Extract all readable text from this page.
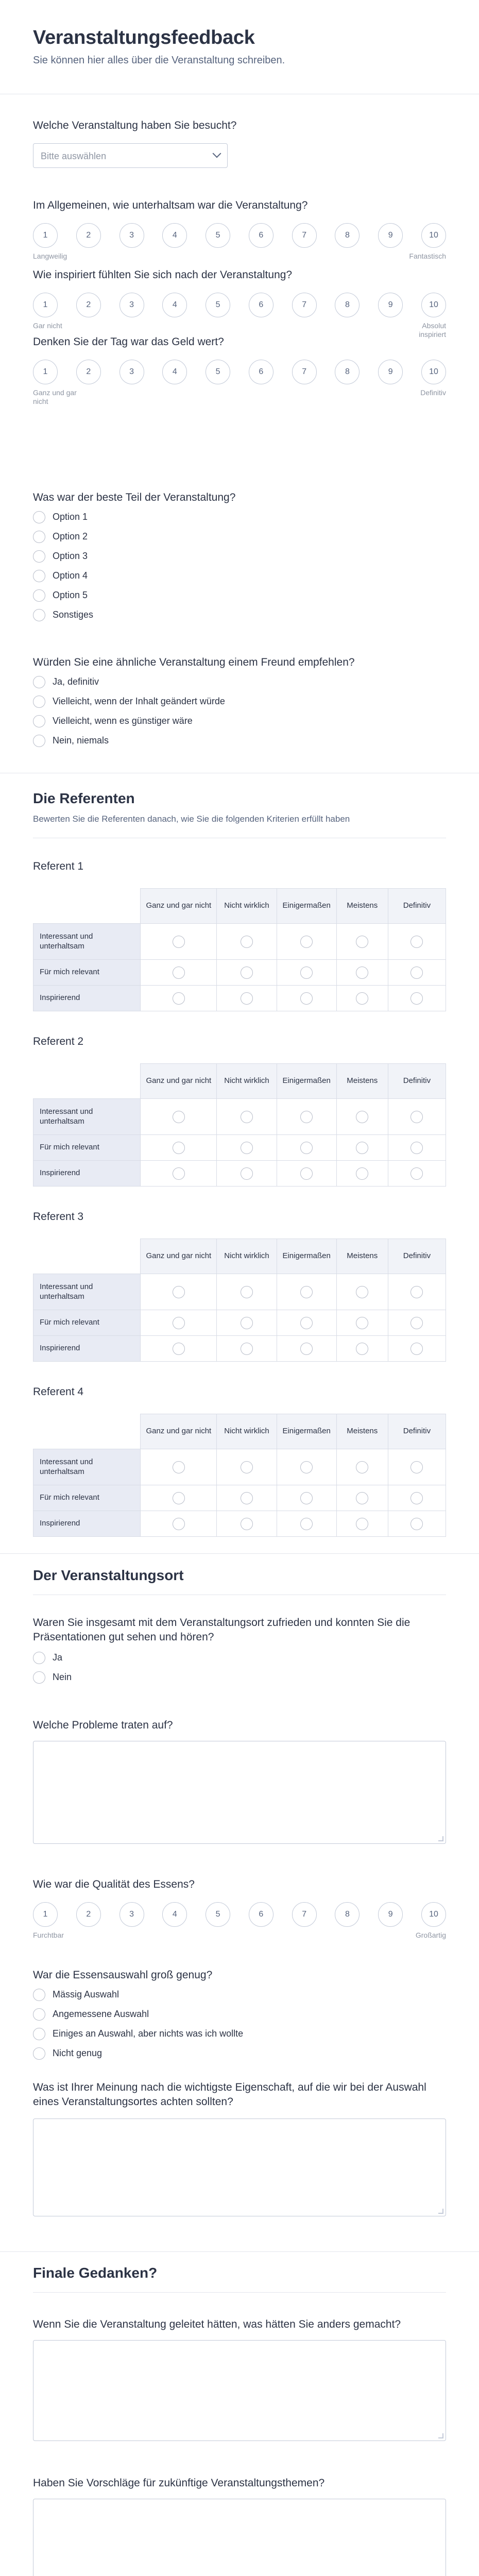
Veranstaltungsfeedback
Sie können hier alles über die Veranstaltung schreiben.
Welche Veranstaltung haben Sie besucht?
Bitte auswählen
Im Allgemeinen, wie unterhaltsam war die Veranstaltung?
1	2	3	4	5	6	7	8	9	10
Langweilig	Fantastisch
Wie inspiriert fühlten Sie sich nach der Veranstaltung?
1	2	3	4	5	6	7	8	9	10
Gar nicht	Absolut
inspiriert
Denken Sie der Tag war das Geld wert?
1	2	3	4	5	6	7	8	9	10
Ganz und gar
nicht
Definitiv
Was war der beste Teil der Veranstaltung?
Option 1
Option 2
Option 3
Option 4
Option 5
Sonstiges
Würden Sie eine ähnliche Veranstaltung einem Freund empfehlen?
Ja, definitiv
Vielleicht, wenn der Inhalt geändert würde
Vielleicht, wenn es günstiger wäre
Nein, niemals
Die Referenten
Bewerten Sie die Referenten danach, wie Sie die folgenden Kriterien erfüllt haben
Referent 1
	Ganz und gar nicht	Nicht wirklich	Einigermaßen	Meistens	Definitiv
Interessant und unterhaltsam					
Für mich relevant					
Inspirierend					
Referent 2
	Ganz und gar nicht	Nicht wirklich	Einigermaßen	Meistens	Definitiv
Interessant und unterhaltsam					
Für mich relevant					
Inspirierend					
Referent 3
	Ganz und gar nicht	Nicht wirklich	Einigermaßen	Meistens	Definitiv
Interessant und unterhaltsam					
Für mich relevant					
Inspirierend					
Referent 4
	Ganz und gar nicht	Nicht wirklich	Einigermaßen	Meistens	Definitiv
Interessant und unterhaltsam					
Für mich relevant					
Inspirierend					
Der Veranstaltungsort
Waren Sie insgesamt mit dem Veranstaltungsort zufrieden und konnten Sie die Präsentationen gut sehen und hören?
Ja
Nein
Welche Probleme traten auf?
Wie war die Qualität des Essens?
1	2	3	4	5	6	7	8	9	10
Furchtbar	Großartig
War die Essensauswahl groß genug?
Mässig Auswahl
Angemessene Auswahl
Einiges an Auswahl, aber nichts was ich wollte
Nicht genug
Was ist Ihrer Meinung nach die wichtigste Eigenschaft, auf die wir bei der Auswahl eines Veranstaltungsortes achten sollten?
Finale Gedanken?
Wenn Sie die Veranstaltung geleitet hätten, was hätten Sie anders gemacht?
Haben Sie Vorschläge für zukünftige Veranstaltungsthemen?
